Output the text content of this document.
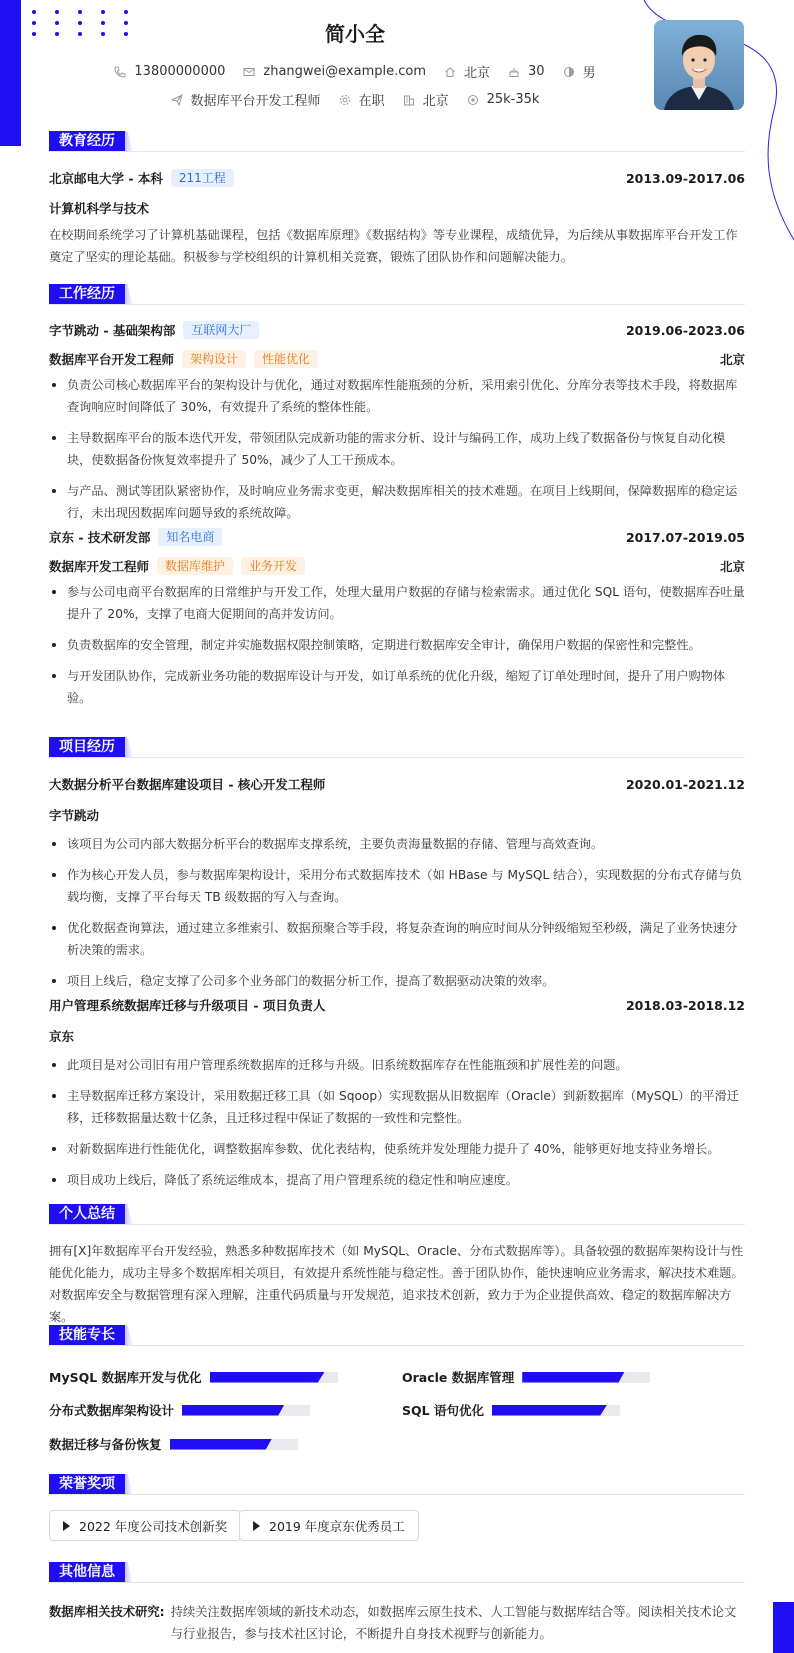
简小全
13800000000	zhangwei@example.com	北京	30	男
数据库平台开发工程师	在职	北京	25k-35k
教育经历
北京邮电大学 - 本科	211工程	2013.09-2017.06
计算机科学与技术
在校期间系统学习了计算机基础课程，包括《数据库原理》《数据结构》等专业课程，成绩优异，为后续从事数据库平台开发工作奠定了坚实的理论基础。积极参与学校组织的计算机相关竞赛，锻炼了团队协作和问题解决能力。
工作经历
字节跳动 - 基础架构部	互联网大厂	2019.06-2023.06
数据库平台开发工程师	架构设计	性能优化	北京
负责公司核心数据库平台的架构设计与优化，通过对数据库性能瓶颈的分析，采用索引优化、分库分表等技术手段，将数据库查询响应时间降低了 30%，有效提升了系统的整体性能。
主导数据库平台的版本迭代开发，带领团队完成新功能的需求分析、设计与编码工作，成功上线了数据备份与恢复自动化模块，使数据备份恢复效率提升了 50%，减少了人工干预成本。
与产品、测试等团队紧密协作，及时响应业务需求变更，解决数据库相关的技术难题。在项目上线期间，保障数据库的稳定运行，未出现因数据库问题导致的系统故障。
京东 - 技术研发部	知名电商	2017.07-2019.05
数据库开发工程师	数据库维护	业务开发	北京
参与公司电商平台数据库的日常维护与开发工作，处理大量用户数据的存储与检索需求。通过优化 SQL 语句，使数据库吞吐量提升了 20%，支撑了电商大促期间的高并发访问。
负责数据库的安全管理，制定并实施数据权限控制策略，定期进行数据库安全审计，确保用户数据的保密性和完整性。
与开发团队协作，完成新业务功能的数据库设计与开发，如订单系统的优化升级，缩短了订单处理时间，提升了用户购物体验。
项目经历
大数据分析平台数据库建设项目 - 核心开发工程师	2020.01-2021.12
字节跳动
该项目为公司内部大数据分析平台的数据库支撑系统，主要负责海量数据的存储、管理与高效查询。
作为核心开发人员，参与数据库架构设计，采用分布式数据库技术（如 HBase 与 MySQL 结合），实现数据的分布式存储与负载均衡，支撑了平台每天 TB 级数据的写入与查询。
优化数据查询算法，通过建立多维索引、数据预聚合等手段，将复杂查询的响应时间从分钟级缩短至秒级，满足了业务快速分析决策的需求。
项目上线后，稳定支撑了公司多个业务部门的数据分析工作，提高了数据驱动决策的效率。
用户管理系统数据库迁移与升级项目 - 项目负责人	2018.03-2018.12
京东
此项目是对公司旧有用户管理系统数据库的迁移与升级。旧系统数据库存在性能瓶颈和扩展性差的问题。
主导数据库迁移方案设计，采用数据迁移工具（如 Sqoop）实现数据从旧数据库（Oracle）到新数据库（MySQL）的平滑迁移，迁移数据量达数十亿条，且迁移过程中保证了数据的一致性和完整性。
对新数据库进行性能优化，调整数据库参数、优化表结构，使系统并发处理能力提升了 40%，能够更好地支持业务增长。
项目成功上线后，降低了系统运维成本，提高了用户管理系统的稳定性和响应速度。
个人总结
拥有[X]年数据库平台开发经验，熟悉多种数据库技术（如 MySQL、Oracle、分布式数据库等）。具备较强的数据库架构设计与性能优化能力，成功主导多个数据库相关项目，有效提升系统性能与稳定性。善于团队协作，能快速响应业务需求，解决技术难题。对数据库安全与数据管理有深入理解，注重代码质量与开发规范，追求技术创新，致力于为企业提供高效、稳定的数据库解决方案。
技能专长
MySQL 数据库开发与优化	Oracle 数据库管理
分布式数据库架构设计	SQL 语句优化
数据迁移与备份恢复
荣誉奖项
2022 年度公司技术创新奖	2019 年度京东优秀员工
其他信息
数据库相关技术研究: 持续关注数据库领域的新技术动态，如数据库云原生技术、人工智能与数据库结合等。阅读相关技术论文与行业报告，参与技术社区讨论，不断提升自身技术视野与创新能力。
